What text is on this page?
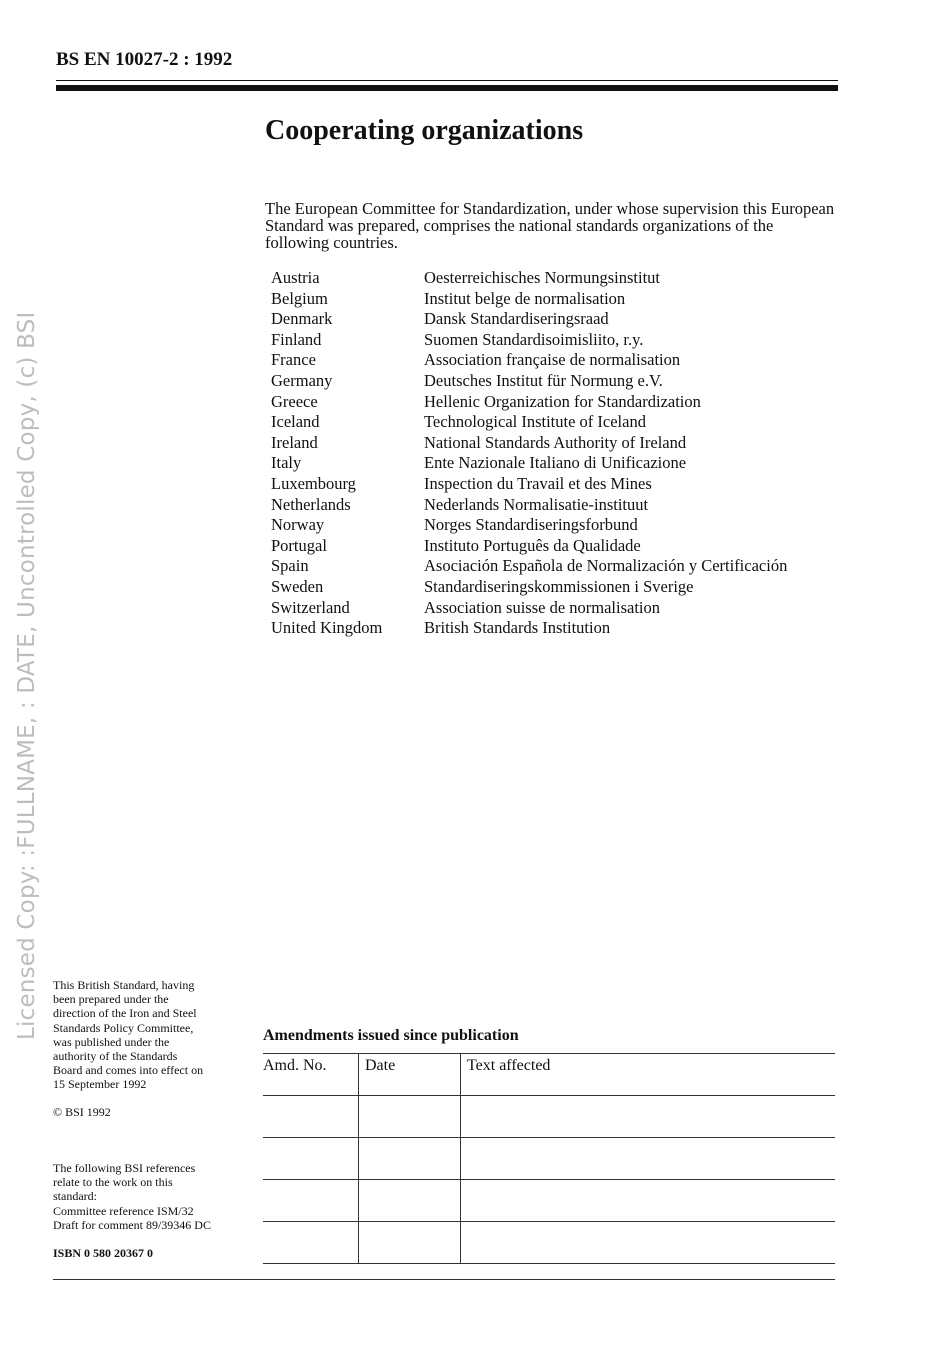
Licensed Copy: :FULLNAME, : DATE, Uncontrolled Copy, (c) BSI
BS EN 10027-2 : 1992
Cooperating organizations
The European Committee for Standardization, under whose supervision this European Standard was prepared, comprises the national standards organizations of the following countries.
Austria	Oesterreichisches Normungsinstitut
Belgium	Institut belge de normalisation
Denmark	Dansk Standardiseringsraad
Finland	Suomen Standardisoimisliito, r.y.
France	Association française de normalisation
Germany	Deutsches Institut für Normung e.V.
Greece	Hellenic Organization for Standardization
Iceland	Technological Institute of Iceland
Ireland	National Standards Authority of Ireland
Italy	Ente Nazionale Italiano di Unificazione
Luxembourg	Inspection du Travail et des Mines
Netherlands	Nederlands Normalisatie-instituut
Norway	Norges Standardiseringsforbund
Portugal	Instituto Português da Qualidade
Spain	Asociación Española de Normalización y Certificación
Sweden	Standardiseringskommissionen i Sverige
Switzerland	Association suisse de normalisation
United Kingdom	British Standards Institution
This British Standard, having
been prepared under the
direction of the Iron and Steel
Standards Policy Committee,
was published under the
authority of the Standards
Board and comes into effect on
15 September 1992
© BSI 1992
The following BSI references
relate to the work on this
standard:
Committee reference ISM/32
Draft for comment 89/39346 DC
ISBN 0 580 20367 0
Amendments issued since publication
Amd. No.	Date	Text affected
